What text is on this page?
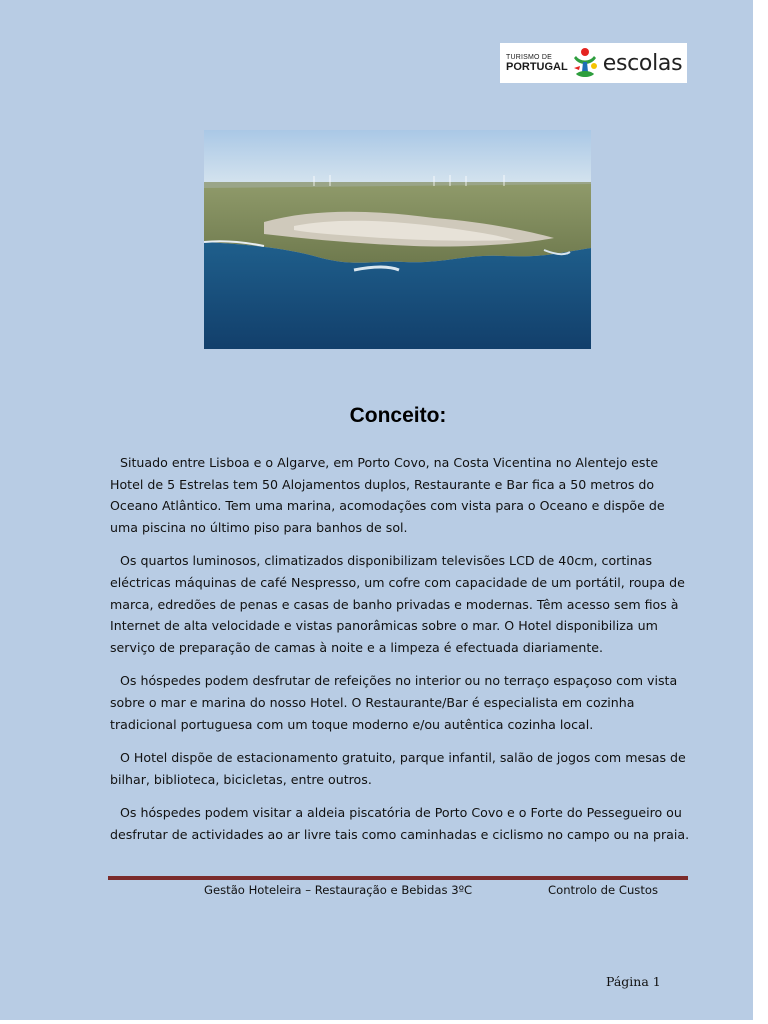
TURISMO DE
PORTUGAL escolas
Conceito:

Situado entre Lisboa e o Algarve, em Porto Covo, na Costa Vicentina no Alentejo este Hotel de 5 Estrelas tem 50 Alojamentos duplos, Restaurante e Bar fica a 50 metros do Oceano Atlântico. Tem uma marina, acomodações com vista para o Oceano e dispõe de uma piscina no último piso para banhos de sol.

Os quartos luminosos, climatizados disponibilizam televisões LCD de 40cm, cortinas eléctricas máquinas de café Nespresso, um cofre com capacidade de um portátil, roupa de marca, edredões de penas e casas de banho privadas e modernas. Têm acesso sem fios à Internet de alta velocidade e vistas panorâmicas sobre o mar. O Hotel disponibiliza um serviço de preparação de camas à noite e a limpeza é efectuada diariamente.

Os hóspedes podem desfrutar de refeições no interior ou no terraço espaçoso com vista sobre o mar e marina do nosso Hotel. O Restaurante/Bar é especialista em cozinha tradicional portuguesa com um toque moderno e/ou autêntica cozinha local.

O Hotel dispõe de estacionamento gratuito, parque infantil, salão de jogos com mesas de bilhar, biblioteca, bicicletas, entre outros.

Os hóspedes podem visitar a aldeia piscatória de Porto Covo e o Forte do Pessegueiro ou desfrutar de actividades ao ar livre tais como caminhadas e ciclismo no campo ou na praia.

Gestão Hoteleira – Restauração e Bebidas 3ºC	Controlo de Custos
Página 1
